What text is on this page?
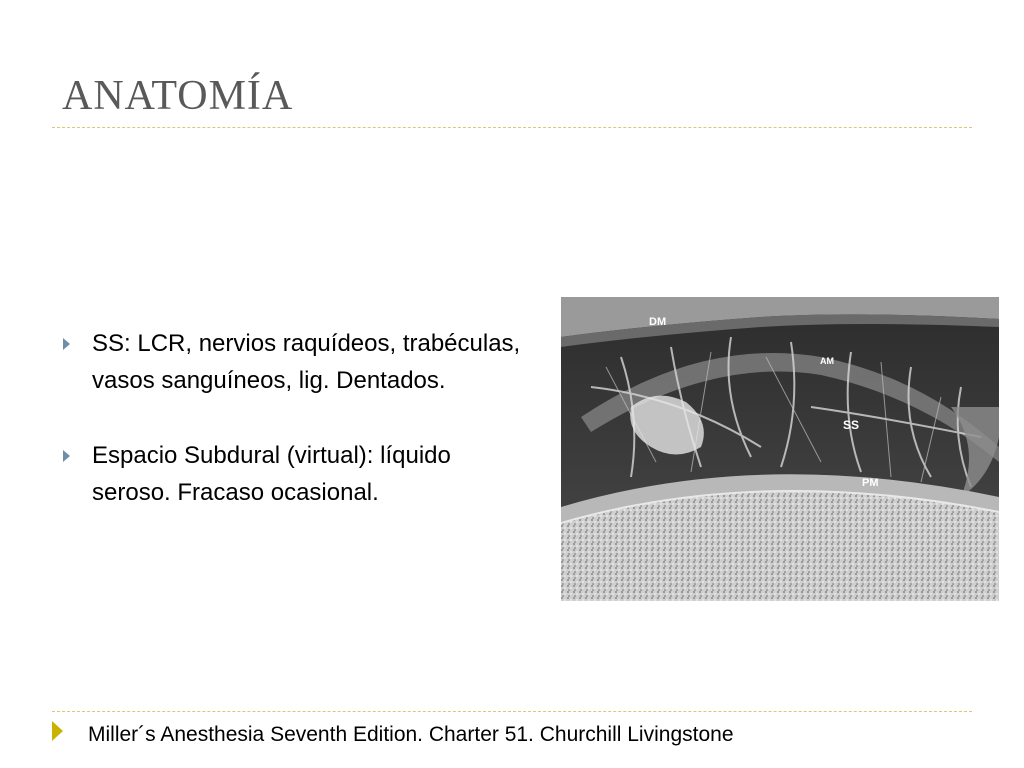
ANATOMÍA
SS: LCR, nervios raquídeos, trabéculas, vasos sanguíneos, lig. Dentados.
Espacio Subdural (virtual): líquido seroso. Fracaso ocasional.
DM
AM
SS
PM
Miller´s Anesthesia Seventh Edition. Charter 51. Churchill Livingstone
